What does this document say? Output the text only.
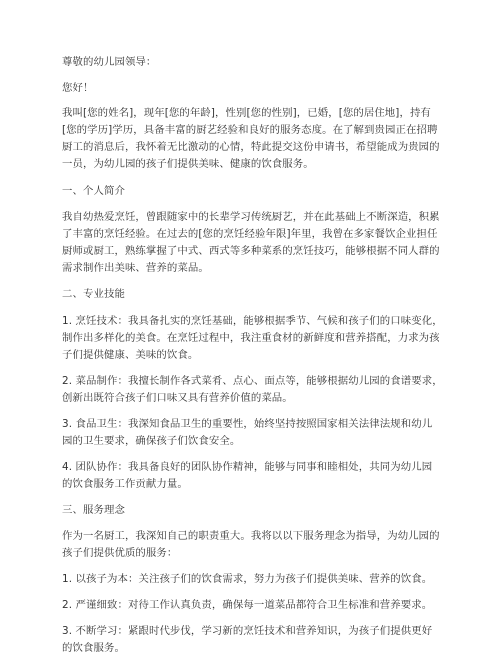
尊敬的幼儿园领导：
您好！
我叫[您的姓名]，现年[您的年龄]，性别[您的性别]，已婚，[您的居住地]，持有
[您的学历]学历，具备丰富的厨艺经验和良好的服务态度。在了解到贵园正在招聘
厨工的消息后，我怀着无比激动的心情，特此提交这份申请书，希望能成为贵园的
一员，为幼儿园的孩子们提供美味、健康的饮食服务。
一、个人简介
我自幼热爱烹饪，曾跟随家中的长辈学习传统厨艺，并在此基础上不断深造，积累
了丰富的烹饪经验。在过去的[您的烹饪经验年限]年里，我曾在多家餐饮企业担任
厨师或厨工，熟练掌握了中式、西式等多种菜系的烹饪技巧，能够根据不同人群的
需求制作出美味、营养的菜品。
二、专业技能
1. 烹饪技术：我具备扎实的烹饪基础，能够根据季节、气候和孩子们的口味变化，
制作出多样化的美食。在烹饪过程中，我注重食材的新鲜度和营养搭配，力求为孩
子们提供健康、美味的饮食。
2. 菜品制作：我擅长制作各式菜肴、点心、面点等，能够根据幼儿园的食谱要求，
创新出既符合孩子们口味又具有营养价值的菜品。
3. 食品卫生：我深知食品卫生的重要性，始终坚持按照国家相关法律法规和幼儿
园的卫生要求，确保孩子们饮食安全。
4. 团队协作：我具备良好的团队协作精神，能够与同事和睦相处，共同为幼儿园
的饮食服务工作贡献力量。
三、服务理念
作为一名厨工，我深知自己的职责重大。我将以以下服务理念为指导，为幼儿园的
孩子们提供优质的服务：
1. 以孩子为本：关注孩子们的饮食需求，努力为孩子们提供美味、营养的饮食。
2. 严谨细致：对待工作认真负责，确保每一道菜品都符合卫生标准和营养要求。
3. 不断学习：紧跟时代步伐，学习新的烹饪技术和营养知识，为孩子们提供更好
的饮食服务。
